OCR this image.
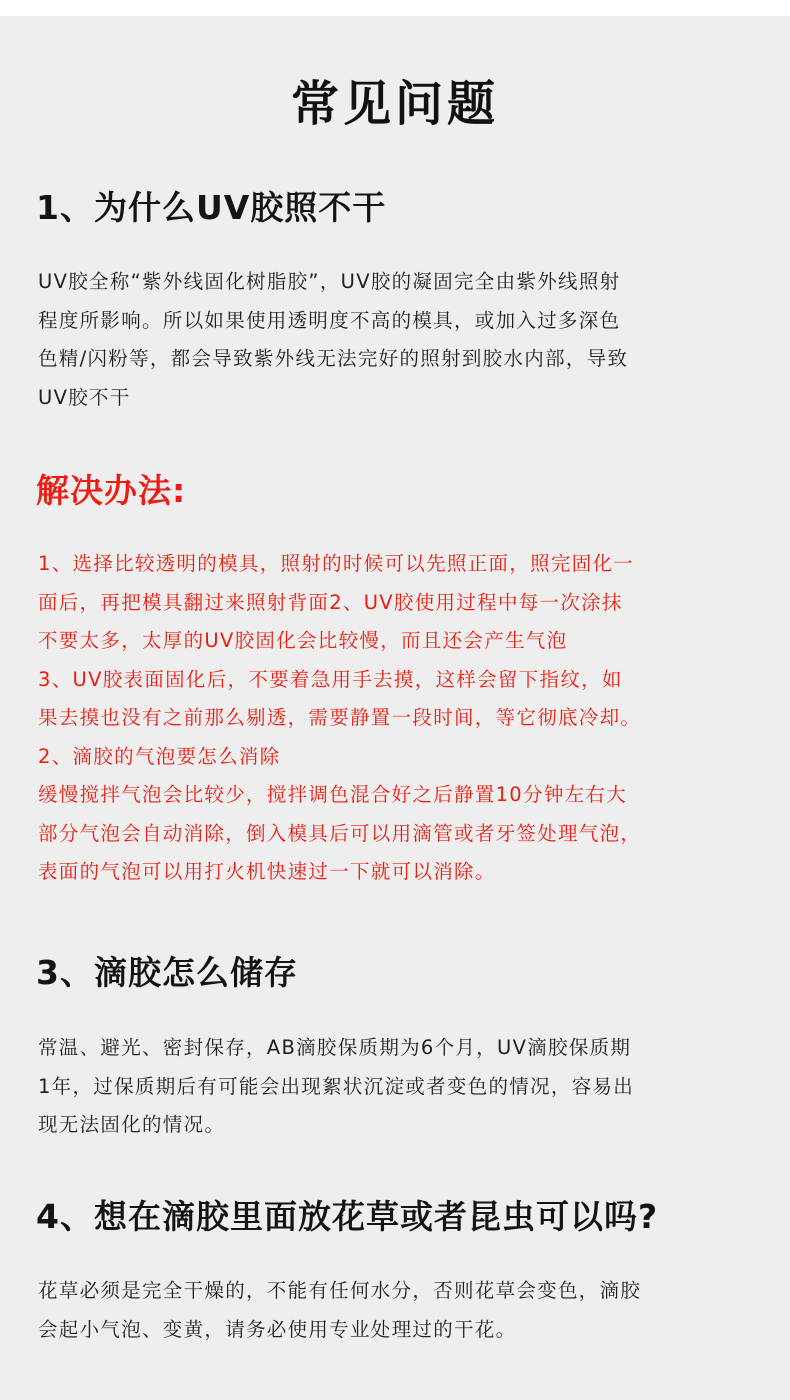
常见问题
1、为什么UV胶照不干
UV胶全称“紫外线固化树脂胶”，UV胶的凝固完全由紫外线照射
程度所影响。所以如果使用透明度不高的模具，或加入过多深色
色精/闪粉等，都会导致紫外线无法完好的照射到胶水内部，导致
UV胶不干
解决办法:
1、选择比较透明的模具，照射的时候可以先照正面，照完固化一
面后，再把模具翻过来照射背面2、UV胶使用过程中每一次涂抹
不要太多，太厚的UV胶固化会比较慢，而且还会产生气泡
3、UV胶表面固化后，不要着急用手去摸，这样会留下指纹，如
果去摸也没有之前那么剔透，需要静置一段时间，等它彻底冷却。
2、滴胶的气泡要怎么消除
缓慢搅拌气泡会比较少，搅拌调色混合好之后静置10分钟左右大
部分气泡会自动消除，倒入模具后可以用滴管或者牙签处理气泡，
表面的气泡可以用打火机快速过一下就可以消除。
3、滴胶怎么储存
常温、避光、密封保存，AB滴胶保质期为6个月，UV滴胶保质期
1年，过保质期后有可能会出现絮状沉淀或者变色的情况，容易出
现无法固化的情况。
4、想在滴胶里面放花草或者昆虫可以吗?
花草必须是完全干燥的，不能有任何水分，否则花草会变色，滴胶
会起小气泡、变黄，请务必使用专业处理过的干花。
